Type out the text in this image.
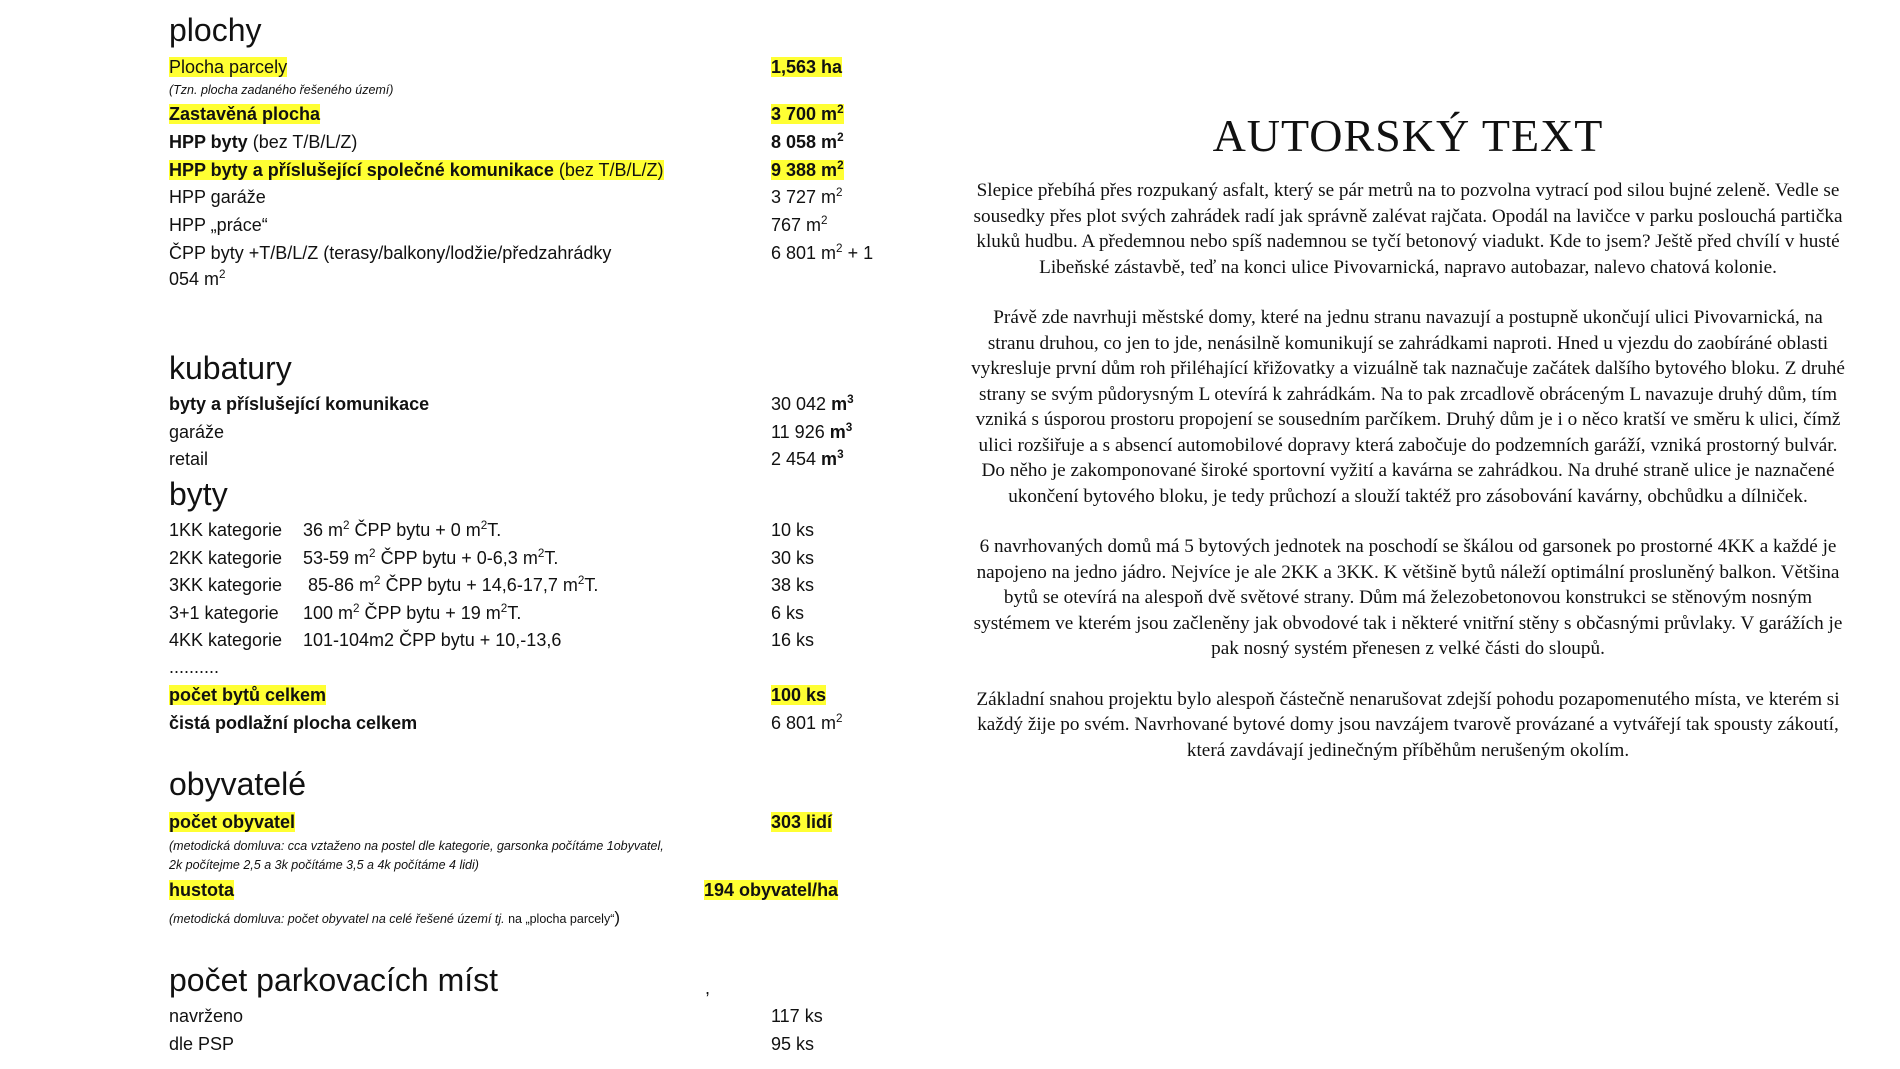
plochy
Plocha parcely	1,563 ha
(Tzn. plocha zadaného řešeného území)
Zastavěná plocha	3 700 $m^2$
HPP byty (bez T/B/L/Z)	8 058 $m^2$
HPP byty a příslušející společné komunikace (bez T/B/L/Z)	9 388 $m^2$
HPP garáže	3 727 $m^2$
HPP „práce“	767 $m^2$
ČPP byty +T/B/L/Z (terasy/balkony/lodžie/předzahrádky	6 801 $m^2 + 1$
054 $m^2$
kubatury
byty a příslušející komunikace	30 042 $m^3$
garáže	11 926 $m^3$
retail	2 454 $m^3$
byty
1KK kategorie 36 $m^2$ ČPP bytu + 0 $m^2T$.	10 ks
2KK kategorie 53-59 $m^2$ ČPP bytu + 0-6,3 $m^2T$.	30 ks
3KK kategorie 85-86 $m^2$ ČPP bytu + 14,6-17,7 $m^2T$.	38 ks
3+1 kategorie 100 $m^2$ ČPP bytu + 19 $m^2T$.	6 ks
4KK kategorie 101-104m2 ČPP bytu + 10,-13,6	16 ks
..........
počet bytů celkem	100 ks
čistá podlažní plocha celkem	6 801 $m^2$
obyvatelé
počet obyvatel	303 lidí
(metodická domluva: cca vztaženo na postel dle kategorie, garsonka počítáme 1obyvatel,
2k počítejme 2,5 a 3k počítáme 3,5 a 4k počítáme 4 lidi)
hustota	194 obyvatel/ha
(metodická domluva: počet obyvatel na celé řešené území tj. na „plocha parcely“)
počet parkovacích míst	,
navrženo	117 ks
dle PSP	95 ks
AUTORSKÝ TEXT

Slepice přebíhá přes rozpukaný asfalt, který se pár metrů na to pozvolna vytrací pod silou bujné zeleně. Vedle se sousedky přes plot svých zahrádek radí jak správně zalévat rajčata. Opodál na lavičce v parku poslouchá partička kluků hudbu. A předemnou nebo spíš nademnou se tyčí betonový viadukt. Kde to jsem? Ještě před chvílí v husté Libeňské zástavbě, teď na konci ulice Pivovarnická, napravo autobazar, nalevo chatová kolonie.

Právě zde navrhuji městské domy, které na jednu stranu navazují a postupně ukončují ulici Pivovarnická, na stranu druhou, co jen to jde, nenásilně komunikují se zahrádkami naproti. Hned u vjezdu do zaobíráné oblasti vykresluje první dům roh přiléhající křižovatky a vizuálně tak naznačuje začátek dalšího bytového bloku. Z druhé strany se svým půdorysným L otevírá k zahrádkám. Na to pak zrcadlově obráceným L navazuje druhý dům, tím vzniká s úsporou prostoru propojení se sousedním parčíkem. Druhý dům je i o něco kratší ve směru k ulici, čímž ulici rozšiřuje a s absencí automobilové dopravy která zabočuje do podzemních garáží, vzniká prostorný bulvár. Do něho je zakomponované široké sportovní vyžití a kavárna se zahrádkou. Na druhé straně ulice je naznačené ukončení bytového bloku, je tedy průchozí a slouží taktéž pro zásobování kavárny, obchůdku a dílniček.

6 navrhovaných domů má 5 bytových jednotek na poschodí se škálou od garsonek po prostorné 4KK a každé je napojeno na jedno jádro. Nejvíce je ale 2KK a 3KK. K většině bytů náleží optimální prosluněný balkon. Většina bytů se otevírá na alespoň dvě světové strany. Dům má železobetonovou konstrukci se stěnovým nosným systémem ve kterém jsou začleněny jak obvodové tak i některé vnitřní stěny s občasnými průvlaky. V garážích je pak nosný systém přenesen z velké části do sloupů.

Základní snahou projektu bylo alespoň částečně nenarušovat zdejší pohodu pozapomenutého místa, ve kterém si každý žije po svém. Navrhované bytové domy jsou navzájem tvarově provázané a vytvářejí tak spousty zákoutí, která zavdávají jedinečným příběhům nerušeným okolím.
